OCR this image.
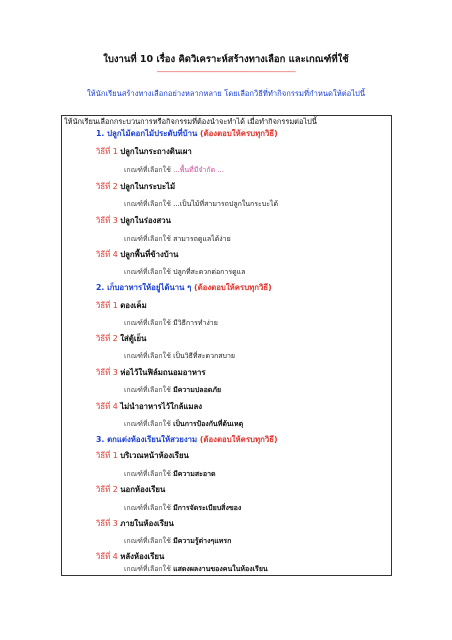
ใบงานที่ 10 เรื่อง คิดวิเคราะห์สร้างทางเลือก และเกณฑ์ที่ใช้
------------------------------------------------------------------------
ให้นักเรียนสร้างทางเลือกอย่างหลากหลาย โดยเลือกวิธีที่ทำกิจกรรมที่กำหนดให้ต่อไปนี้
ให้นักเรียนเลือกกระบวนการหรือกิจกรรมที่ต้องนำจะทำได้ เมื่อทำกิจกรรมต่อไปนี้
1. ปลูกไม้ดอกไม้ประดับที่บ้าน (ต้องตอบให้ครบทุกวิธี)
วิธีที่ 1 ปลูกในกระถางดินเผา
เกณฑ์ที่เลือกใช้ ...พื้นที่มีจำกัด ...
วิธีที่ 2 ปลูกในกระบะไม้
เกณฑ์ที่เลือกใช้ ...เป็นไม้ที่สามารถปลูกในกระบะได้
วิธีที่ 3 ปลูกในร่องสวน
เกณฑ์ที่เลือกใช้ สามารถดูแลได้ง่าย
วิธีที่ 4 ปลูกพื้นที่ข้างบ้าน
เกณฑ์ที่เลือกใช้ ปลูกที่สะดวกต่อการดูแล
2. เก็บอาหารให้อยู่ได้นาน ๆ (ต้องตอบให้ครบทุกวิธี)
วิธีที่ 1 ดองเค็ม
เกณฑ์ที่เลือกใช้ มีวิธีการทำง่าย
วิธีที่ 2 ใส่ตู้เย็น
เกณฑ์ที่เลือกใช้ เป็นวิธีที่สะดวกสบาย
วิธีที่ 3 ห่อไว้ในฟิล์มถนอมอาหาร
เกณฑ์ที่เลือกใช้ มีความปลอดภัย
วิธีที่ 4 ไม่นำอาหารไว้ใกล้แมลง
เกณฑ์ที่เลือกใช้ เป็นการป้องกันที่ต้นเหตุ
3. ตกแต่งห้องเรียนให้สวยงาม (ต้องตอบให้ครบทุกวิธี)
วิธีที่ 1 บริเวณหน้าห้องเรียน
เกณฑ์ที่เลือกใช้ มีความสะอาด
วิธีที่ 2 นอกห้องเรียน
เกณฑ์ที่เลือกใช้ มีการจัดระเบียบสิ่งของ
วิธีที่ 3 ภายในห้องเรียน
เกณฑ์ที่เลือกใช้ มีความรู้ต่างๆแทรก
วิธีที่ 4 หลังห้องเรียน
เกณฑ์ที่เลือกใช้ แสดงผลงานของคนในห้องเรียน
